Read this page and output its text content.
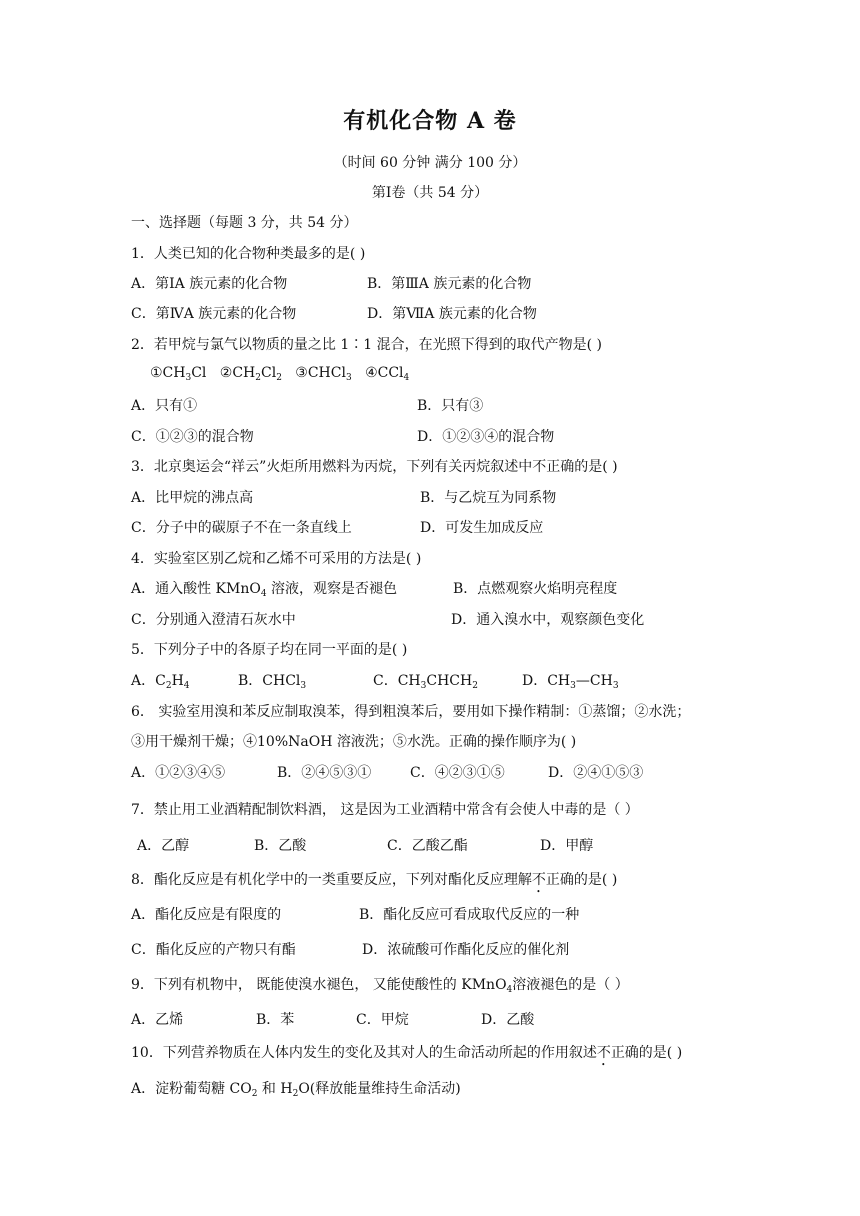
有机化合物 A 卷
（时间 60 分钟 满分 100 分）
第Ⅰ卷（共 54 分）
一、选择题（每题 3 分，共 54 分）
1．人类已知的化合物种类最多的是( )
A．第ⅠA 族元素的化合物	B．第ⅢA 族元素的化合物
C．第ⅣA 族元素的化合物	D．第ⅦA 族元素的化合物
2．若甲烷与氯气以物质的量之比 1∶1 混合，在光照下得到的取代产物是( )
$①CH_3Cl$ $②CH_2Cl_2$ ③CHCl$_3$ ④CCl$_4$
A．只有①	B．只有③
C．①②③的混合物	D．①②③④的混合物
3．北京奥运会“祥云”火炬所用燃料为丙烷，下列有关丙烷叙述中不正确的是( )
A．比甲烷的沸点高	B．与乙烷互为同系物
C．分子中的碳原子不在一条直线上	D．可发生加成反应
4．实验室区别乙烷和乙烯不可采用的方法是( )
A．通入酸性 KMnO$_4$ 溶液，观察是否褪色	B．点燃观察火焰明亮程度
C．分别通入澄清石灰水中	D．通入溴水中，观察颜色变化
5．下列分子中的各原子均在同一平面的是( )
A．$C_2H_4$	B．CHCl$_3$	C．$CH_3CHCH_2$	D．$CH_3—CH_3$
6． 实验室用溴和苯反应制取溴苯，得到粗溴苯后，要用如下操作精制：①蒸馏；②水洗；
③用干燥剂干燥；④10%NaOH 溶液洗；⑤水洗。正确的操作顺序为( )
A．①②③④⑤	B．②④⑤③①	C．④②③①⑤	D．②④①⑤③
7．禁止用工业酒精配制饮料酒， 这是因为工业酒精中常含有会使人中毒的是（ ）
A．乙醇	B．乙酸	C．乙酸乙酯	D．甲醇
8．酯化反应是有机化学中的一类重要反应，下列对酯化反应理解不正确的是( )
A．酯化反应是有限度的	B．酯化反应可看成取代反应的一种
C．酯化反应的产物只有酯	D．浓硫酸可作酯化反应的催化剂
9．下列有机物中， 既能使溴水褪色， 又能使酸性的 KMnO$_4$溶液褪色的是（ ）
A．乙烯	B．苯	C．甲烷	D．乙酸
10．下列营养物质在人体内发生的变化及其对人的生命活动所起的作用叙述不正确的是( )
A．淀粉葡萄糖 $CO_2$ 和 $H_2O$(释放能量维持生命活动)
